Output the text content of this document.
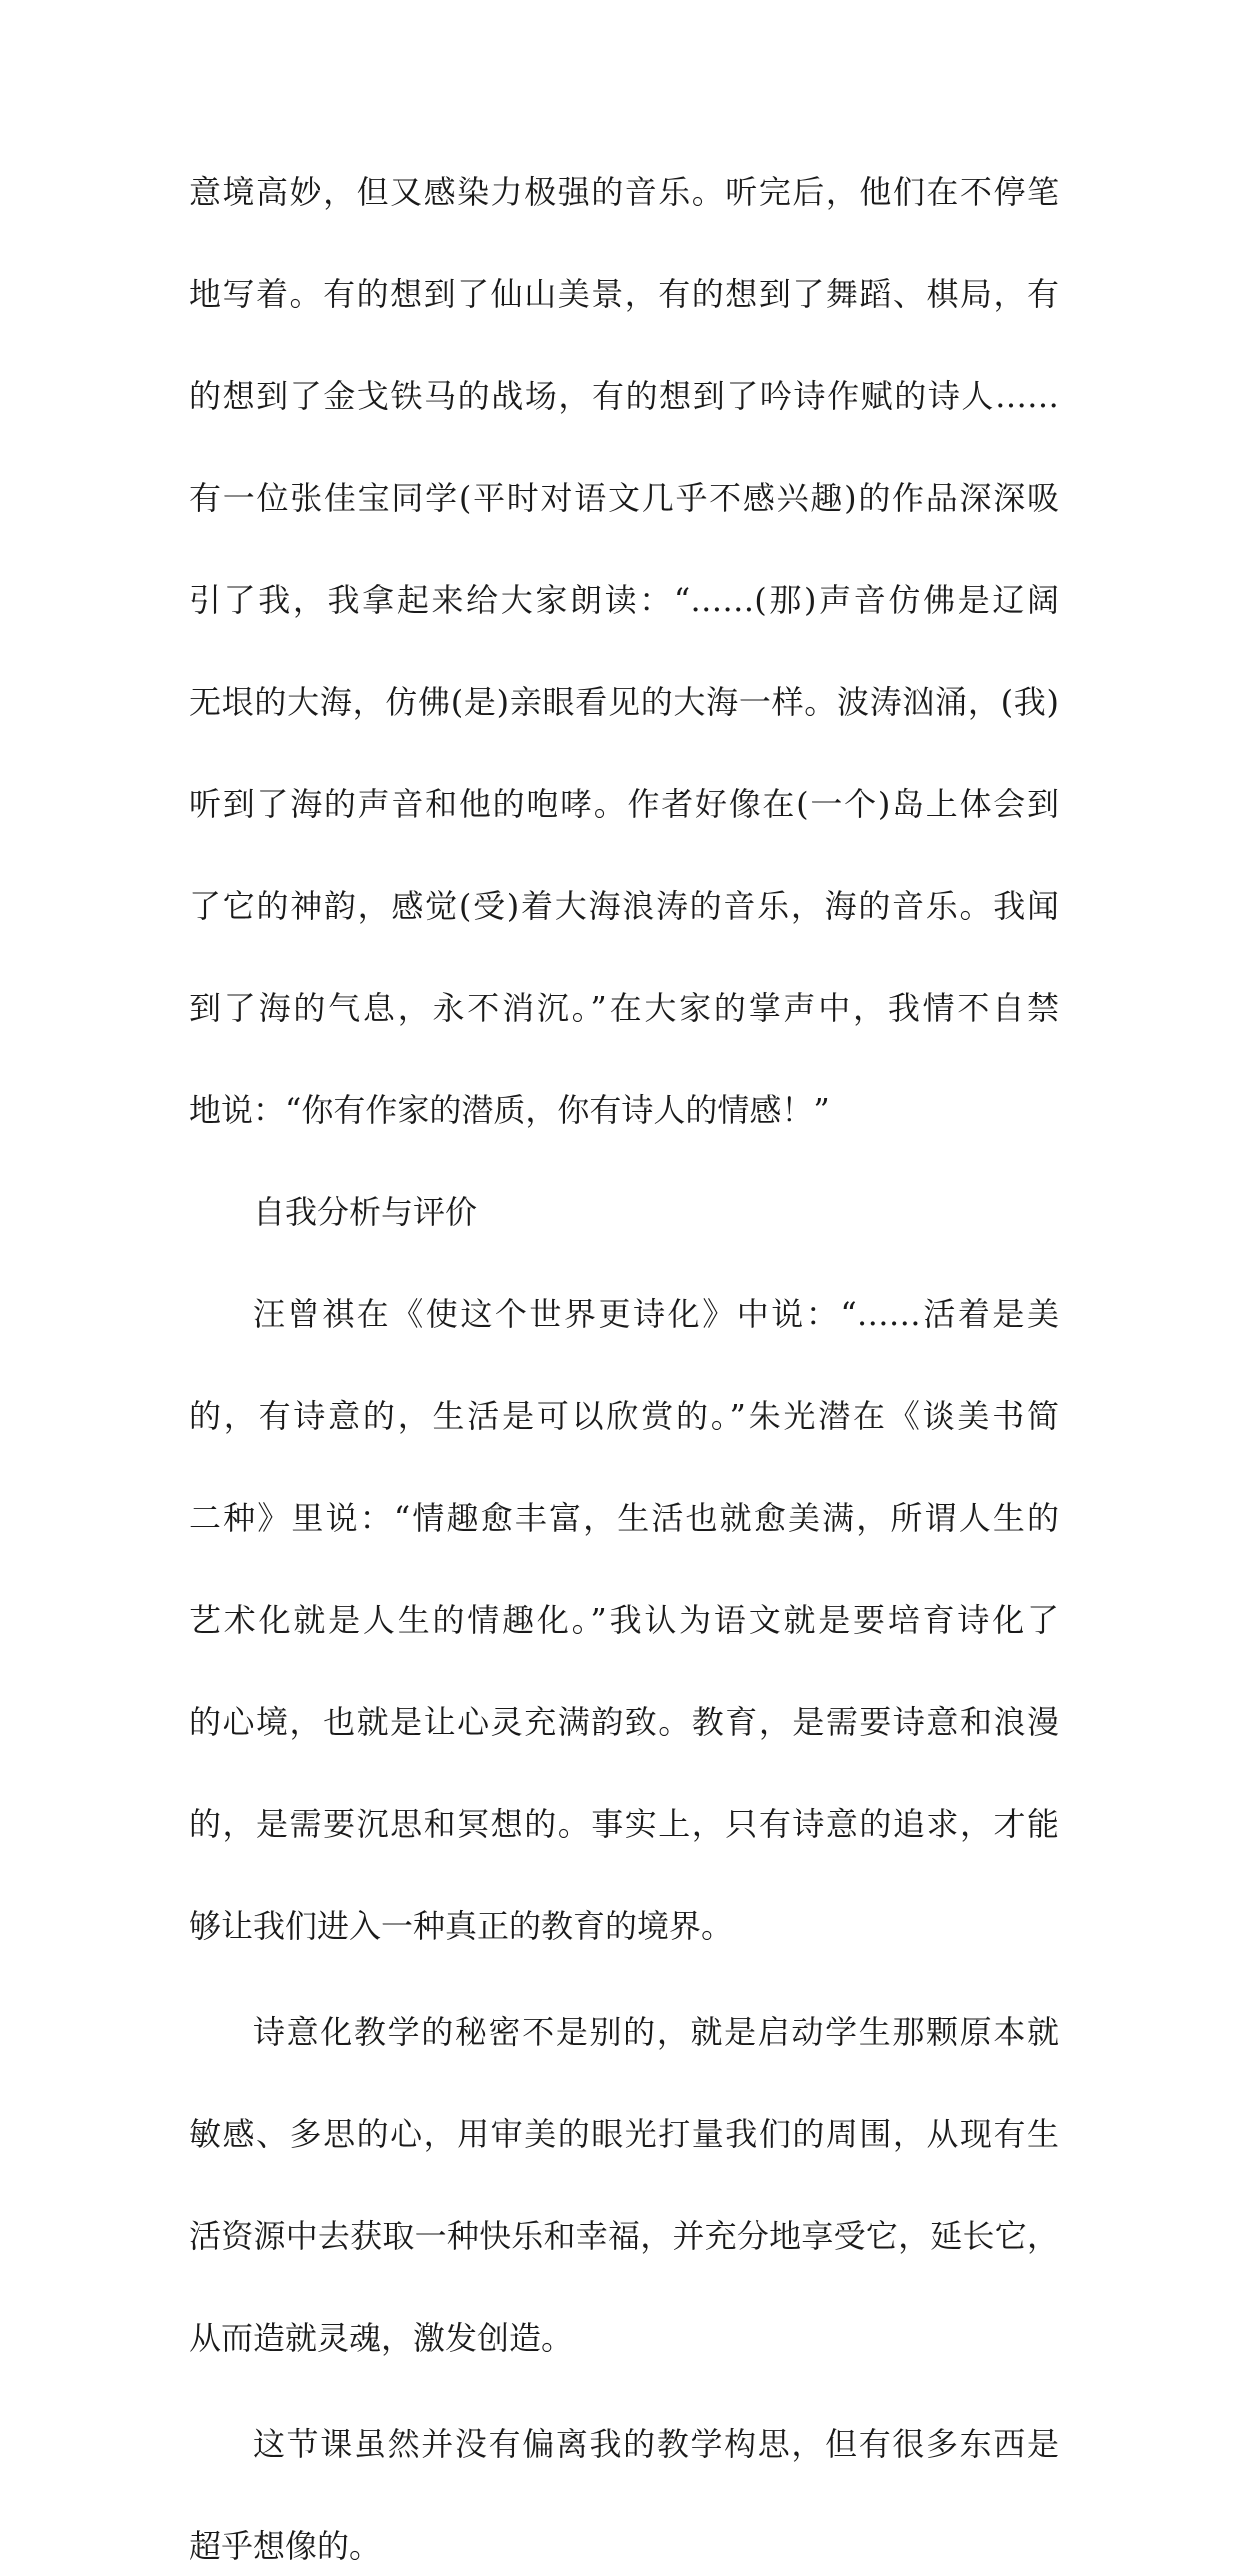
意境高妙，但又感染力极强的音乐。听完后，他们在不停笔
地写着。有的想到了仙山美景，有的想到了舞蹈、棋局，有
的想到了金戈铁马的战场，有的想到了吟诗作赋的诗人……
有一位张佳宝同学(平时对语文几乎不感兴趣)的作品深深吸
引了我，我拿起来给大家朗读：“……(那)声音仿佛是辽阔
无垠的大海，仿佛(是)亲眼看见的大海一样。波涛汹涌，(我)
听到了海的声音和他的咆哮。作者好像在(一个)岛上体会到
了它的神韵，感觉(受)着大海浪涛的音乐，海的音乐。我闻
到了海的气息，永不消沉。”在大家的掌声中，我情不自禁
地说：“你有作家的潜质，你有诗人的情感！”
自我分析与评价
汪曾祺在《使这个世界更诗化》中说：“……活着是美
的，有诗意的，生活是可以欣赏的。”朱光潜在《谈美书简
二种》里说：“情趣愈丰富，生活也就愈美满，所谓人生的
艺术化就是人生的情趣化。”我认为语文就是要培育诗化了
的心境，也就是让心灵充满韵致。教育，是需要诗意和浪漫
的，是需要沉思和冥想的。事实上，只有诗意的追求，才能
够让我们进入一种真正的教育的境界。
诗意化教学的秘密不是别的，就是启动学生那颗原本就
敏感、多思的心，用审美的眼光打量我们的周围，从现有生
活资源中去获取一种快乐和幸福，并充分地享受它，延长它，
从而造就灵魂，激发创造。
这节课虽然并没有偏离我的教学构思，但有很多东西是
超乎想像的。
